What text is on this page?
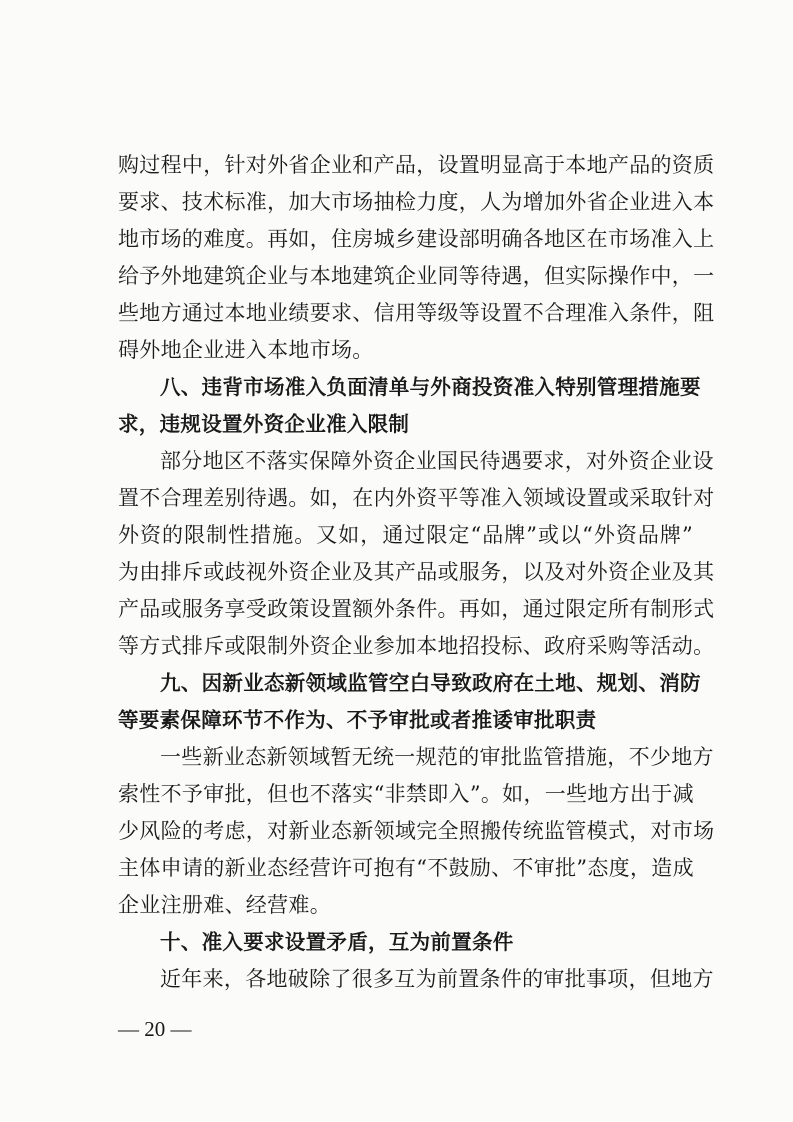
购过程中，针对外省企业和产品，设置明显高于本地产品的资质
要求、技术标准，加大市场抽检力度，人为增加外省企业进入本
地市场的难度。再如，住房城乡建设部明确各地区在市场准入上
给予外地建筑企业与本地建筑企业同等待遇，但实际操作中，一
些地方通过本地业绩要求、信用等级等设置不合理准入条件，阻
碍外地企业进入本地市场。
八、违背市场准入负面清单与外商投资准入特别管理措施要
求，违规设置外资企业准入限制
部分地区不落实保障外资企业国民待遇要求，对外资企业设
置不合理差别待遇。如，在内外资平等准入领域设置或采取针对
外资的限制性措施。又如，通过限定“品牌”或以“外资品牌”
为由排斥或歧视外资企业及其产品或服务，以及对外资企业及其
产品或服务享受政策设置额外条件。再如，通过限定所有制形式
等方式排斥或限制外资企业参加本地招投标、政府采购等活动。
九、因新业态新领域监管空白导致政府在土地、规划、消防
等要素保障环节不作为、不予审批或者推诿审批职责
一些新业态新领域暂无统一规范的审批监管措施，不少地方
索性不予审批，但也不落实“非禁即入”。如，一些地方出于减
少风险的考虑，对新业态新领域完全照搬传统监管模式，对市场
主体申请的新业态经营许可抱有“不鼓励、不审批”态度，造成
企业注册难、经营难。
十、准入要求设置矛盾，互为前置条件
近年来，各地破除了很多互为前置条件的审批事项，但地方
— 20 —
